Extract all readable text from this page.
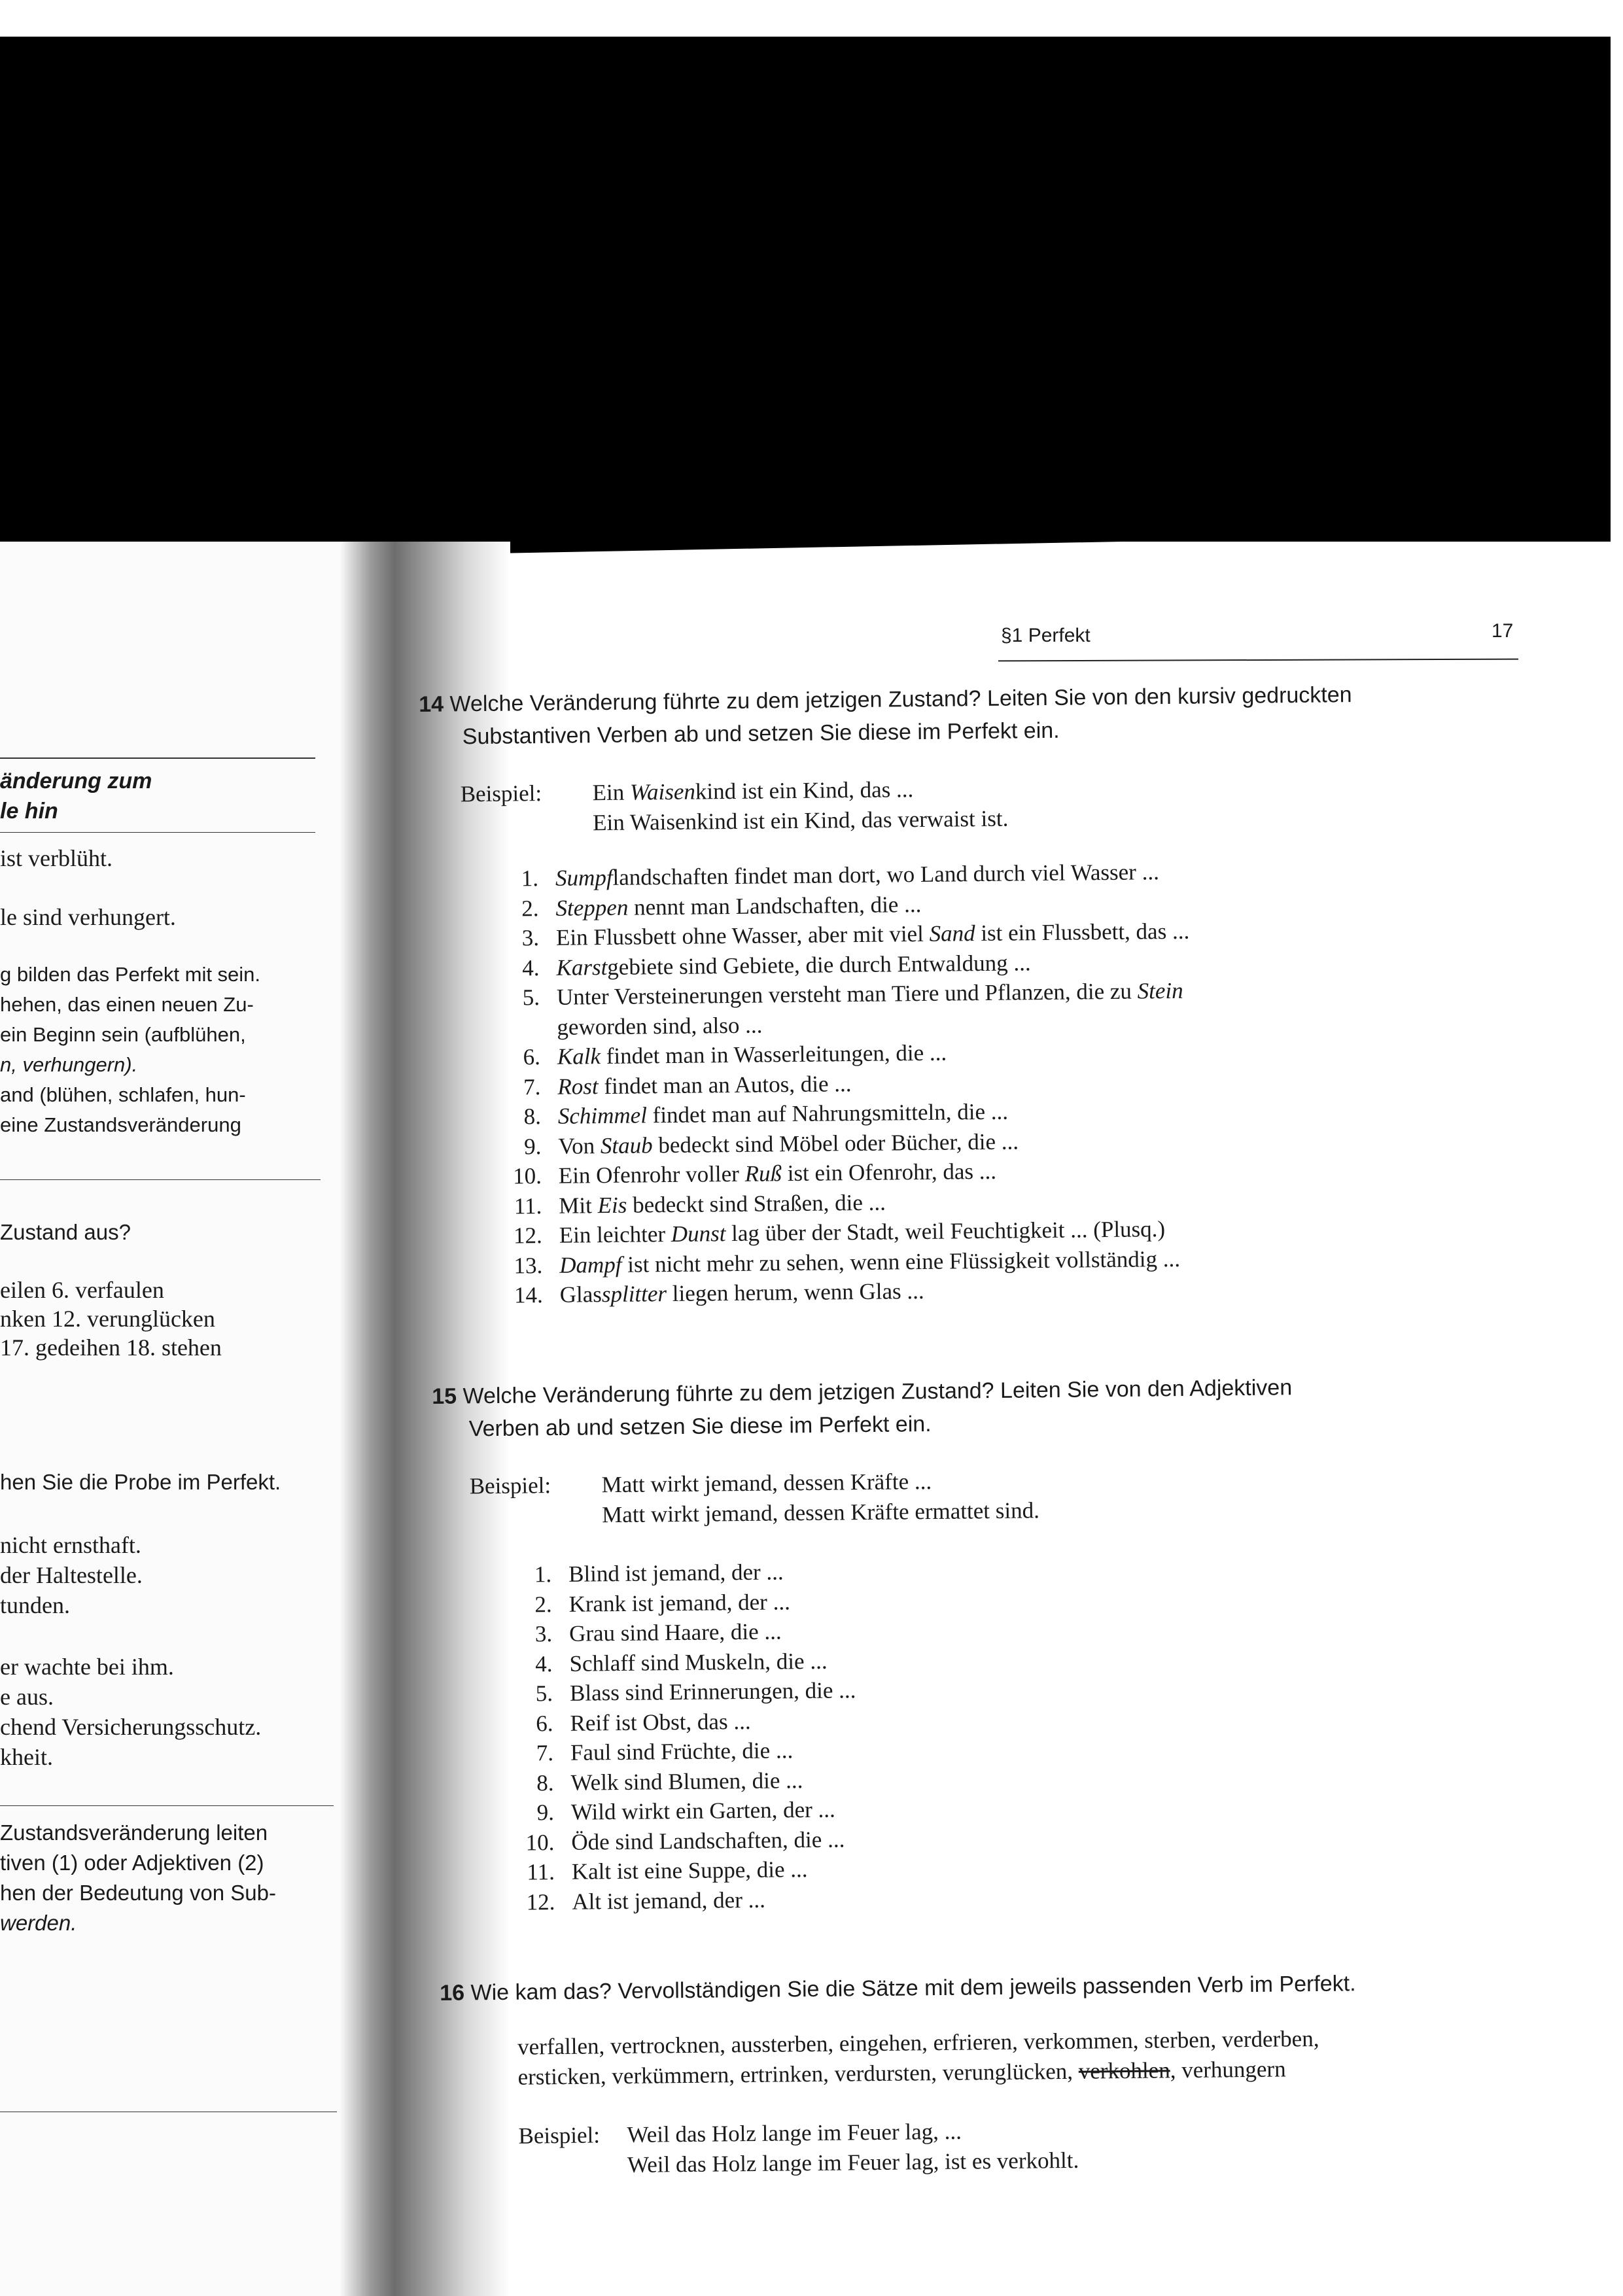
änderung zum
le hin
ist verblüht.
le sind verhungert.
g bilden das Perfekt mit sein.
hehen, das einen neuen Zu-
ein Beginn sein (aufblühen,
n, verhungern).
and (blühen, schlafen, hun-
eine Zustandsveränderung
Zustand aus?
eilen 6. verfaulen
nken 12. verunglücken
17. gedeihen 18. stehen
hen Sie die Probe im Perfekt.
nicht ernsthaft.
der Haltestelle.
tunden.
er wachte bei ihm.
e aus.
chend Versicherungsschutz.
kheit.
Zustandsveränderung leiten
tiven (1) oder Adjektiven (2)
hen der Bedeutung von Sub-
werden.
§1 Perfekt	17
14 Welche Veränderung führte zu dem jetzigen Zustand? Leiten Sie von den kursiv gedruckten
Substantiven Verben ab und setzen Sie diese im Perfekt ein.
Beispiel: Ein Waisenkind ist ein Kind, das ...
Ein Waisenkind ist ein Kind, das verwaist ist.
1. Sumpflandschaften findet man dort, wo Land durch viel Wasser ...
2. Steppen nennt man Landschaften, die ...
3. Ein Flussbett ohne Wasser, aber mit viel Sand ist ein Flussbett, das ...
4. Karstgebiete sind Gebiete, die durch Entwaldung ...
5. Unter Versteinerungen versteht man Tiere und Pflanzen, die zu Stein
geworden sind, also ...
6. Kalk findet man in Wasserleitungen, die ...
7. Rost findet man an Autos, die ...
8. Schimmel findet man auf Nahrungsmitteln, die ...
9. Von Staub bedeckt sind Möbel oder Bücher, die ...
10. Ein Ofenrohr voller Ruß ist ein Ofenrohr, das ...
11. Mit Eis bedeckt sind Straßen, die ...
12. Ein leichter Dunst lag über der Stadt, weil Feuchtigkeit ... (Plusq.)
13. Dampf ist nicht mehr zu sehen, wenn eine Flüssigkeit vollständig ...
14. Glassplitter liegen herum, wenn Glas ...
15 Welche Veränderung führte zu dem jetzigen Zustand? Leiten Sie von den Adjektiven
Verben ab und setzen Sie diese im Perfekt ein.
Beispiel: Matt wirkt jemand, dessen Kräfte ...
Matt wirkt jemand, dessen Kräfte ermattet sind.
1. Blind ist jemand, der ...
2. Krank ist jemand, der ...
3. Grau sind Haare, die ...
4. Schlaff sind Muskeln, die ...
5. Blass sind Erinnerungen, die ...
6. Reif ist Obst, das ...
7. Faul sind Früchte, die ...
8. Welk sind Blumen, die ...
9. Wild wirkt ein Garten, der ...
10. Öde sind Landschaften, die ...
11. Kalt ist eine Suppe, die ...
12. Alt ist jemand, der ...
16 Wie kam das? Vervollständigen Sie die Sätze mit dem jeweils passenden Verb im Perfekt.
verfallen, vertrocknen, aussterben, eingehen, erfrieren, verkommen, sterben, verderben,
ersticken, verkümmern, ertrinken, verdursten, verunglücken, verkohlen, verhungern
Beispiel: Weil das Holz lange im Feuer lag, ...
Weil das Holz lange im Feuer lag, ist es verkohlt.
